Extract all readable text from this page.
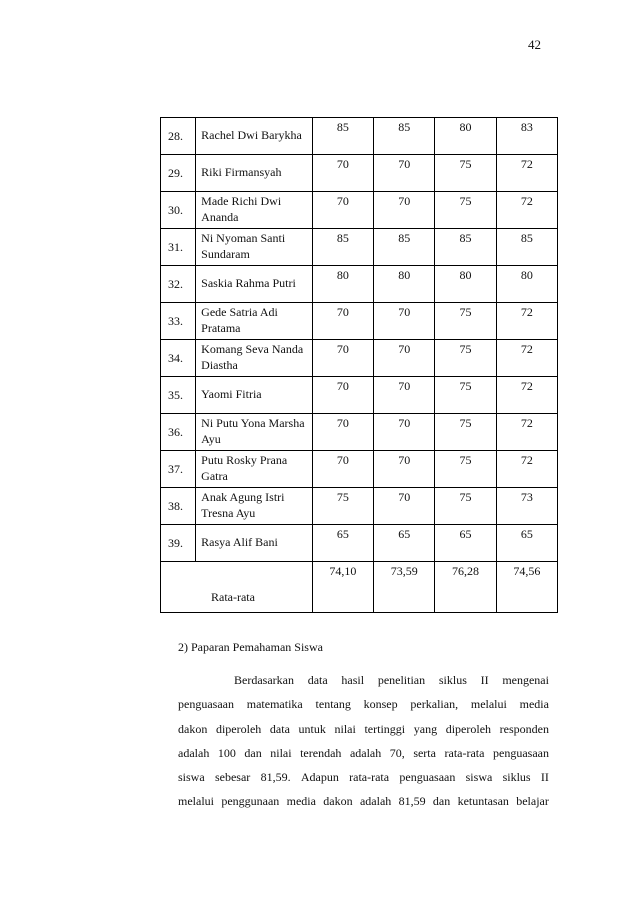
42
28.	Rachel Dwi Barykha	85	85	80	83
29.	Riki Firmansyah	70	70	75	72
30.	Made Richi Dwi Ananda	70	70	75	72
31.	Ni Nyoman Santi Sundaram	85	85	85	85
32.	Saskia Rahma Putri	80	80	80	80
33.	Gede Satria Adi Pratama	70	70	75	72
34.	Komang Seva Nanda Diastha	70	70	75	72
35.	Yaomi Fitria	70	70	75	72
36.	Ni Putu Yona Marsha Ayu	70	70	75	72
37.	Putu Rosky Prana Gatra	70	70	75	72
38.	Anak Agung Istri Tresna Ayu	75	70	75	73
39.	Rasya Alif Bani	65	65	65	65
Rata-rata		74,10	73,59	76,28	74,56
2) Paparan Pemahaman Siswa
Berdasarkan data hasil penelitian siklus II mengenai
penguasaan matematika tentang konsep perkalian, melalui media
dakon diperoleh data untuk nilai tertinggi yang diperoleh responden
adalah 100 dan nilai terendah adalah 70, serta rata-rata penguasaan
siswa sebesar 81,59. Adapun rata-rata penguasaan siswa siklus II
melalui penggunaan media dakon adalah 81,59 dan ketuntasan belajar
